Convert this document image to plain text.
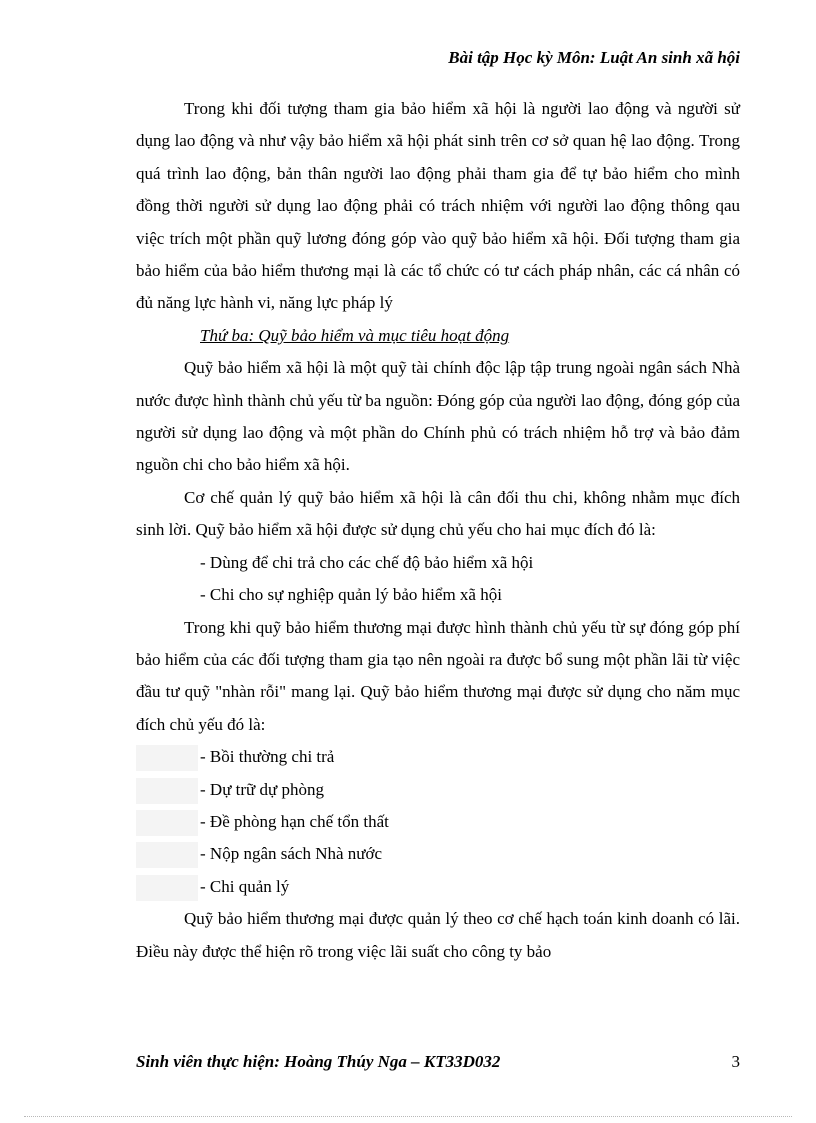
Bài tập Học kỳ Môn: Luật An sinh xã hội

Trong khi đối tượng tham gia bảo hiểm xã hội là người lao động và người sử dụng lao động và như vậy bảo hiểm xã hội phát sinh trên cơ sở quan hệ lao động. Trong quá trình lao động, bản thân người lao động phải tham gia để tự bảo hiểm cho mình đồng thời người sử dụng lao động phải có trách nhiệm với người lao động thông qau việc trích một phần quỹ lương đóng góp vào quỹ bảo hiểm xã hội. Đối tượng tham gia bảo hiểm của bảo hiểm thương mại là các tổ chức có tư cách pháp nhân, các cá nhân có đủ năng lực hành vi, năng lực pháp lý

Thứ ba: Quỹ bảo hiểm và mục tiêu hoạt động

Quỹ bảo hiểm xã hội là một quỹ tài chính độc lập tập trung ngoài ngân sách Nhà nước được hình thành chủ yếu từ ba nguồn: Đóng góp của người lao động, đóng góp của người sử dụng lao động và một phần do Chính phủ có trách nhiệm hỗ trợ và bảo đảm nguồn chi cho bảo hiểm xã hội.

Cơ chế quản lý quỹ bảo hiểm xã hội là cân đối thu chi, không nhằm mục đích sinh lời. Quỹ bảo hiểm xã hội được sử dụng chủ yếu cho hai mục đích đó là:

- Dùng để chi trả cho các chế độ bảo hiểm xã hội

- Chi cho sự nghiệp quản lý bảo hiểm xã hội

Trong khi quỹ bảo hiểm thương mại được hình thành chủ yếu từ sự đóng góp phí bảo hiểm của các đối tượng tham gia tạo nên ngoài ra được bổ sung một phần lãi từ việc đầu tư quỹ "nhàn rỗi" mang lại. Quỹ bảo hiểm thương mại được sử dụng cho năm mục đích chủ yếu đó là:

- Bồi thường chi trả

- Dự trữ dự phòng

- Đề phòng hạn chế tổn thất

- Nộp ngân sách Nhà nước

- Chi quản lý

Quỹ bảo hiểm thương mại được quản lý theo cơ chế hạch toán kinh doanh có lãi. Điều này được thể hiện rõ trong việc lãi suất cho công ty bảo

Sinh viên thực hiện: Hoàng Thúy Nga – KT33D032	3
